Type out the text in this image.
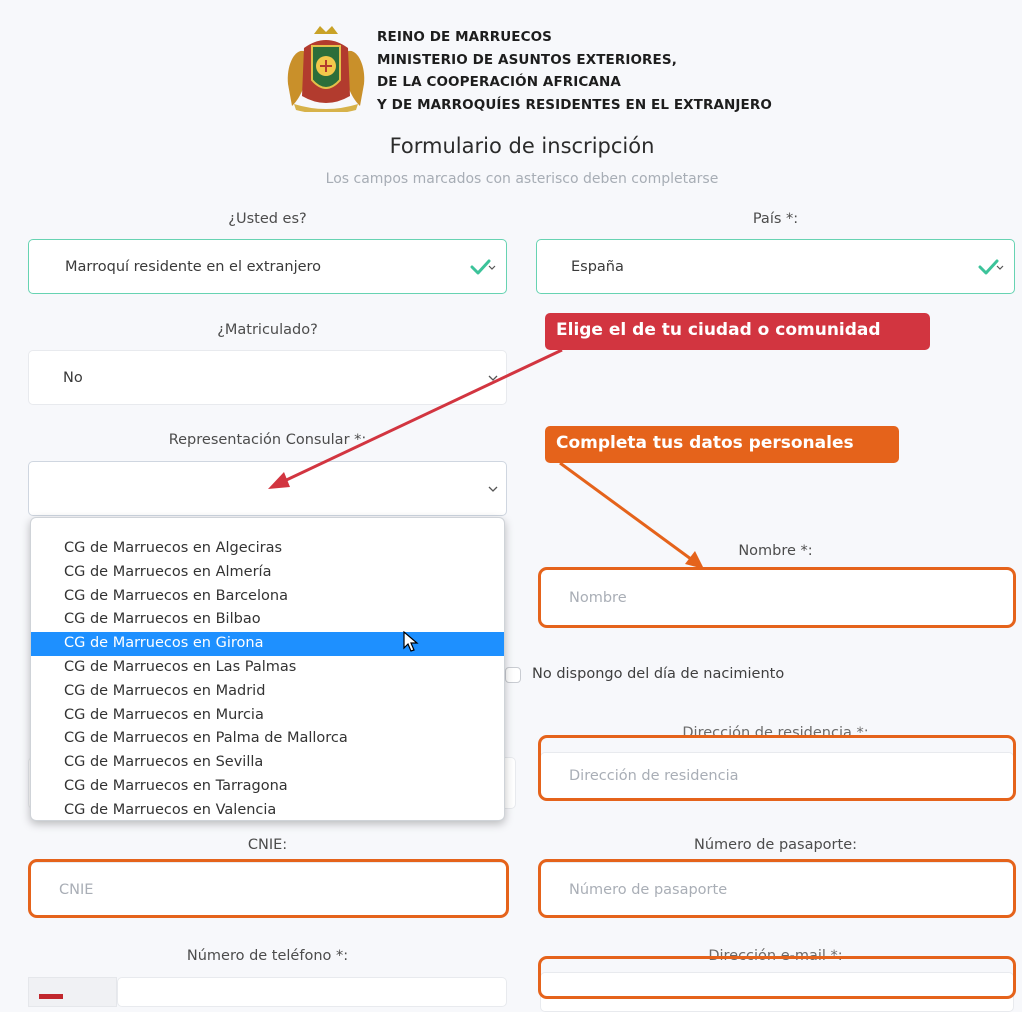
REINO DE MARRUECOS
MINISTERIO DE ASUNTOS EXTERIORES,
DE LA COOPERACIÓN AFRICANA
Y DE MARROQUÍES RESIDENTES EN EL EXTRANJERO
Formulario de inscripción
Los campos marcados con asterisco deben completarse
¿Usted es?
Marroquí residente en el extranjero
País *:
España
¿Matriculado?
No
Representación Consular *:
Nombre *:
Nombre
No dispongo del día de nacimiento
Dirección de residencia *:
Dirección de residencia
CNIE:
CNIE
Número de pasaporte:
Número de pasaporte
Número de teléfono *:	Dirección e-mail *:
CG de Marruecos en Algeciras
CG de Marruecos en Almería
CG de Marruecos en Barcelona
CG de Marruecos en Bilbao
CG de Marruecos en Girona
CG de Marruecos en Las Palmas
CG de Marruecos en Madrid
CG de Marruecos en Murcia
CG de Marruecos en Palma de Mallorca
CG de Marruecos en Sevilla
CG de Marruecos en Tarragona
CG de Marruecos en Valencia
Elige el de tu ciudad o comunidad
Completa tus datos personales
